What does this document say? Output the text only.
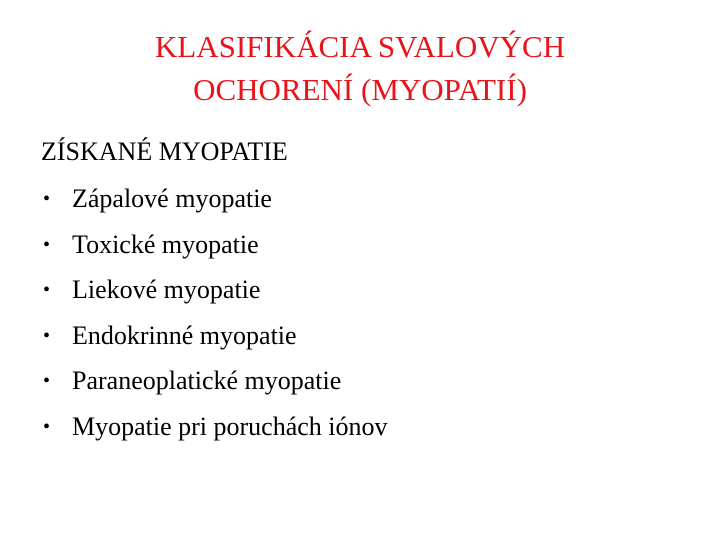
KLASIFIKÁCIA SVALOVÝCH
OCHORENÍ (MYOPATIÍ)
ZÍSKANÉ MYOPATIE
• Zápalové myopatie
• Toxické myopatie
• Liekové myopatie
• Endokrinné myopatie
• Paraneoplatické myopatie
• Myopatie pri poruchách iónov
